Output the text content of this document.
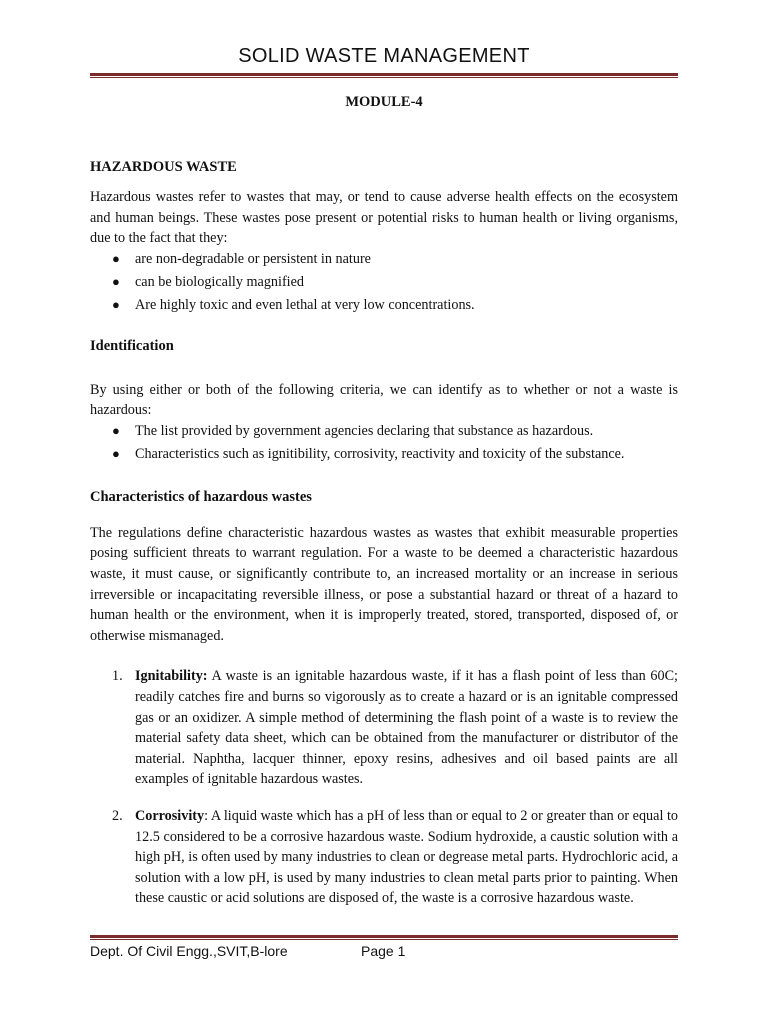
SOLID WASTE MANAGEMENT
MODULE-4
HAZARDOUS WASTE

Hazardous wastes refer to wastes that may, or tend to cause adverse health effects on the ecosystem and human beings. These wastes pose present or potential risks to human health or living organisms, due to the fact that they:

● are non-degradable or persistent in nature
● can be biologically magnified
● Are highly toxic and even lethal at very low concentrations.
Identification

By using either or both of the following criteria, we can identify as to whether or not a waste is hazardous:

● The list provided by government agencies declaring that substance as hazardous.
● Characteristics such as ignitibility, corrosivity, reactivity and toxicity of the substance.
Characteristics of hazardous wastes

The regulations define characteristic hazardous wastes as wastes that exhibit measurable properties posing sufficient threats to warrant regulation. For a waste to be deemed a characteristic hazardous waste, it must cause, or significantly contribute to, an increased mortality or an increase in serious irreversible or incapacitating reversible illness, or pose a substantial hazard or threat of a hazard to human health or the environment, when it is improperly treated, stored, transported, disposed of, or otherwise mismanaged.

1. Ignitability: A waste is an ignitable hazardous waste, if it has a flash point of less than 60C; readily catches fire and burns so vigorously as to create a hazard or is an ignitable compressed gas or an oxidizer. A simple method of determining the flash point of a waste is to review the material safety data sheet, which can be obtained from the manufacturer or distributor of the material. Naphtha, lacquer thinner, epoxy resins, adhesives and oil based paints are all examples of ignitable hazardous wastes.
2. Corrosivity: A liquid waste which has a pH of less than or equal to 2 or greater than or equal to 12.5 considered to be a corrosive hazardous waste. Sodium hydroxide, a caustic solution with a high pH, is often used by many industries to clean or degrease metal parts. Hydrochloric acid, a solution with a low pH, is used by many industries to clean metal parts prior to painting. When these caustic or acid solutions are disposed of, the waste is a corrosive hazardous waste.
Dept. Of Civil Engg.,SVIT,B-lore	Page 1
